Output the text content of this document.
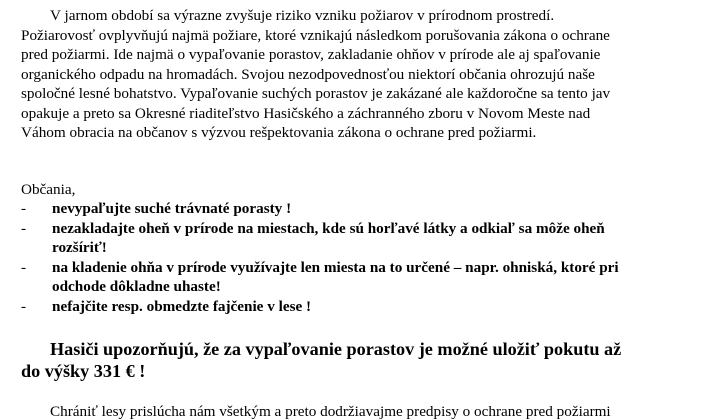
V jarnom období sa výrazne zvyšuje riziko vzniku požiarov v prírodnom prostredí.
Požiarovosť ovplyvňujú najmä požiare, ktoré vznikajú následkom porušovania zákona o ochrane
pred požiarmi. Ide najmä o vypaľovanie porastov, zakladanie ohňov v prírode ale aj spaľovanie
organického odpadu na hromadách. Svojou nezodpovednosťou niektorí občania ohrozujú naše
spoločné lesné bohatstvo. Vypaľovanie suchých porastov je zakázané ale každoročne sa tento jav
opakuje a preto sa Okresné riaditeľstvo Hasičského a záchranného zboru v Novom Meste nad
Váhom obracia na občanov s výzvou rešpektovania zákona o ochrane pred požiarmi.
Občania,
- nevypaľujte suché trávnaté porasty !
- nezakladajte oheň v prírode na miestach, kde sú horľavé látky a odkiaľ sa môže oheň
rozšíriť!
- na kladenie ohňa v prírode využívajte len miesta na to určené – napr. ohniská, ktoré pri
odchode dôkladne uhaste!
- nefajčite resp. obmedzte fajčenie v lese !
Hasiči upozorňujú, že za vypaľovanie porastov je možné uložiť pokutu až
do výšky 331 € !
Chrániť lesy prislúcha nám všetkým a preto dodržiavajme predpisy o ochrane pred požiarmi
